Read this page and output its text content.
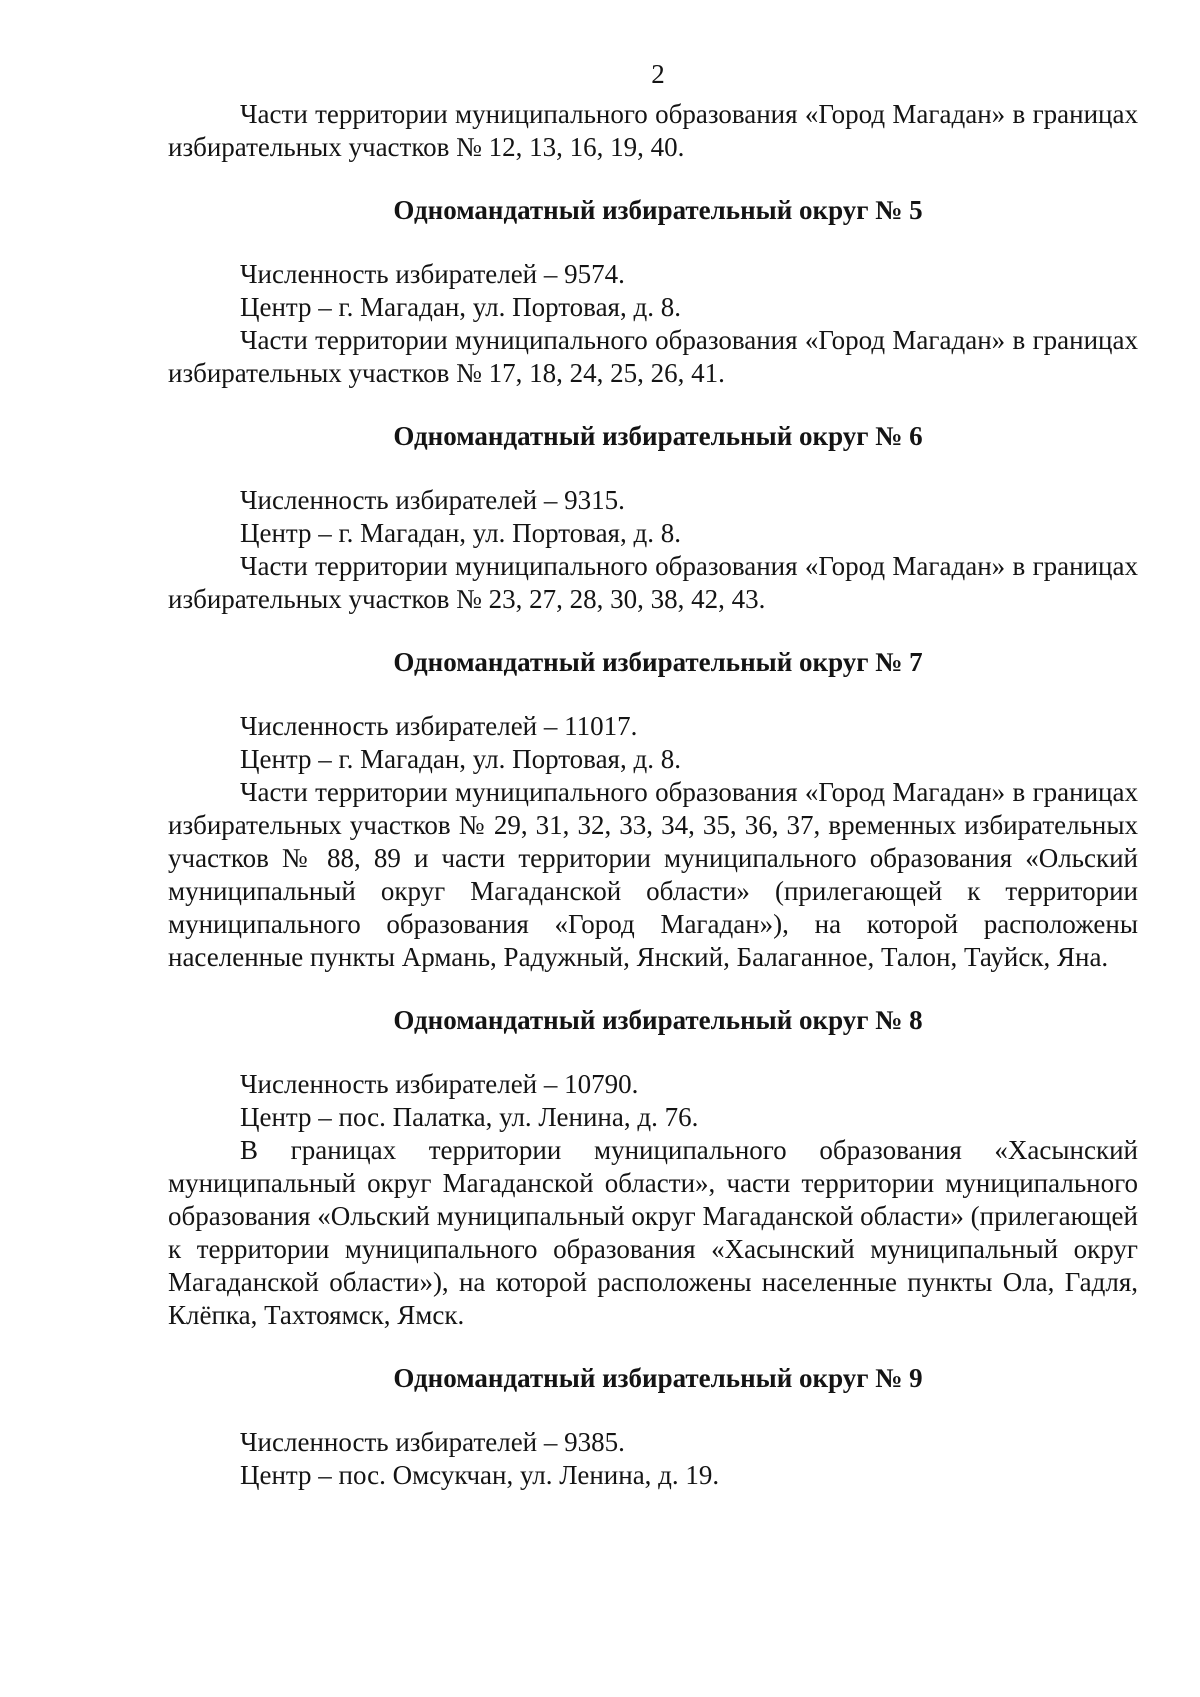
2

Части территории муниципального образования «Город Магадан» в границах избирательных участков № 12, 13, 16, 19, 40.

Одномандатный избирательный округ № 5

Численность избирателей – 9574.

Центр – г. Магадан, ул. Портовая, д. 8.

Части территории муниципального образования «Город Магадан» в границах избирательных участков № 17, 18, 24, 25, 26, 41.

Одномандатный избирательный округ № 6

Численность избирателей – 9315.

Центр – г. Магадан, ул. Портовая, д. 8.

Части территории муниципального образования «Город Магадан» в границах избирательных участков № 23, 27, 28, 30, 38, 42, 43.

Одномандатный избирательный округ № 7

Численность избирателей – 11017.

Центр – г. Магадан, ул. Портовая, д. 8.

Части территории муниципального образования «Город Магадан» в границах избирательных участков № 29, 31, 32, 33, 34, 35, 36, 37, временных избирательных участков № 88, 89 и части территории муниципального образования «Ольский муниципальный округ Магаданской области» (прилегающей к территории муниципального образования «Город Магадан»), на которой расположены населенные пункты Армань, Радужный, Янский, Балаганное, Талон, Тауйск, Яна.

Одномандатный избирательный округ № 8

Численность избирателей – 10790.

Центр – пос. Палатка, ул. Ленина, д. 76.

В границах территории муниципального образования «Хасынский муниципальный округ Магаданской области», части территории муниципального образования «Ольский муниципальный округ Магаданской области» (прилегающей к территории муниципального образования «Хасынский муниципальный округ Магаданской области»), на которой расположены населенные пункты Ола, Гадля, Клёпка, Тахтоямск, Ямск.

Одномандатный избирательный округ № 9

Численность избирателей – 9385.

Центр – пос. Омсукчан, ул. Ленина, д. 19.
